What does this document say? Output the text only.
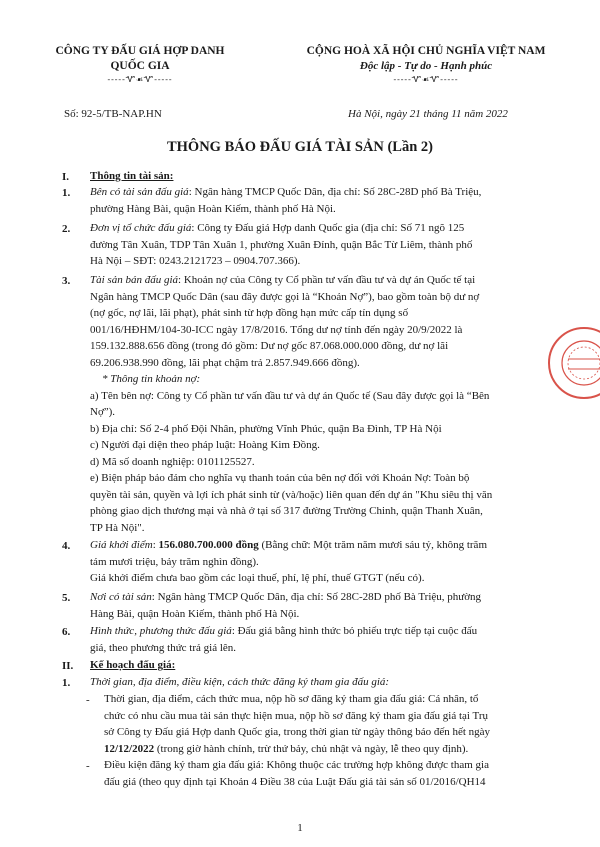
CÔNG TY ĐẤU GIÁ HỢP DANH
QUỐC GIA
-----Ꮙ☙Ꮙ-----
CỘNG HOÀ XÃ HỘI CHỦ NGHĨA VIỆT NAM
Độc lập - Tự do - Hạnh phúc
-----Ꮙ☙Ꮙ-----
Số: 92-5/TB-NAP.HN	Hà Nội, ngày 21 tháng 11 năm 2022
THÔNG BÁO ĐẤU GIÁ TÀI SẢN (Lần 2)
I. Thông tin tài sản:
1. Bên có tài sản đấu giá: Ngân hàng TMCP Quốc Dân, địa chỉ: Số 28C-28D phố Bà Triệu,
phường Hàng Bài, quận Hoàn Kiếm, thành phố Hà Nội.
2. Đơn vị tổ chức đấu giá: Công ty Đấu giá Hợp danh Quốc gia (địa chỉ: Số 71 ngõ 125
đường Tân Xuân, TDP Tân Xuân 1, phường Xuân Đỉnh, quận Bắc Từ Liêm, thành phố
Hà Nội – SĐT: 0243.2121723 – 0904.707.366).
3. Tài sản bán đấu giá: Khoản nợ của Công ty Cổ phần tư vấn đầu tư và dự án Quốc tế tại
Ngân hàng TMCP Quốc Dân (sau đây được gọi là “Khoản Nợ”), bao gồm toàn bộ dư nợ
(nợ gốc, nợ lãi, lãi phạt), phát sinh từ hợp đồng hạn mức cấp tín dụng số
001/16/HĐHM/104-30-ICC ngày 17/8/2016. Tổng dư nợ tính đến ngày 20/9/2022 là
159.132.888.656 đồng (trong đó gồm: Dư nợ gốc 87.068.000.000 đồng, dư nợ lãi
69.206.938.990 đồng, lãi phạt chậm trả 2.857.949.666 đồng).
* Thông tin khoản nợ:
a) Tên bên nợ: Công ty Cổ phần tư vấn đầu tư và dự án Quốc tế (Sau đây được gọi là “Bên
Nợ”).
b) Địa chỉ: Số 2-4 phố Đội Nhân, phường Vĩnh Phúc, quận Ba Đình, TP Hà Nội
c) Người đại diện theo pháp luật: Hoàng Kim Đồng.
d) Mã số doanh nghiệp: 0101125527.
e) Biện pháp bảo đảm cho nghĩa vụ thanh toán của bên nợ đối với Khoản Nợ: Toàn bộ
quyền tài sản, quyền và lợi ích phát sinh từ (và/hoặc) liên quan đến dự án "Khu siêu thị văn
phòng giao dịch thương mại và nhà ở tại số 317 đường Trường Chinh, quận Thanh Xuân,
TP Hà Nội".
4. Giá khởi điểm: 156.080.700.000 đồng (Bằng chữ: Một trăm năm mươi sáu tỷ, không trăm
tám mươi triệu, bảy trăm nghìn đồng).
Giá khởi điểm chưa bao gồm các loại thuế, phí, lệ phí, thuế GTGT (nếu có).
5. Nơi có tài sản: Ngân hàng TMCP Quốc Dân, địa chỉ: Số 28C-28D phố Bà Triệu, phường
Hàng Bài, quận Hoàn Kiếm, thành phố Hà Nội.
6. Hình thức, phương thức đấu giá: Đấu giá bằng hình thức bỏ phiếu trực tiếp tại cuộc đấu
giá, theo phương thức trả giá lên.
II. Kế hoạch đấu giá:
1. Thời gian, địa điểm, điều kiện, cách thức đăng ký tham gia đấu giá:
- Thời gian, địa điểm, cách thức mua, nộp hồ sơ đăng ký tham gia đấu giá: Cá nhân, tổ
chức có nhu cầu mua tài sản thực hiện mua, nộp hồ sơ đăng ký tham gia đấu giá tại Trụ
sở Công ty Đấu giá Hợp danh Quốc gia, trong thời gian từ ngày thông báo đến hết ngày
12/12/2022 (trong giờ hành chính, trừ thứ bảy, chủ nhật và ngày, lễ theo quy định).
- Điều kiện đăng ký tham gia đấu giá: Không thuộc các trường hợp không được tham gia
đấu giá (theo quy định tại Khoản 4 Điều 38 của Luật Đấu giá tài sản số 01/2016/QH14
1
